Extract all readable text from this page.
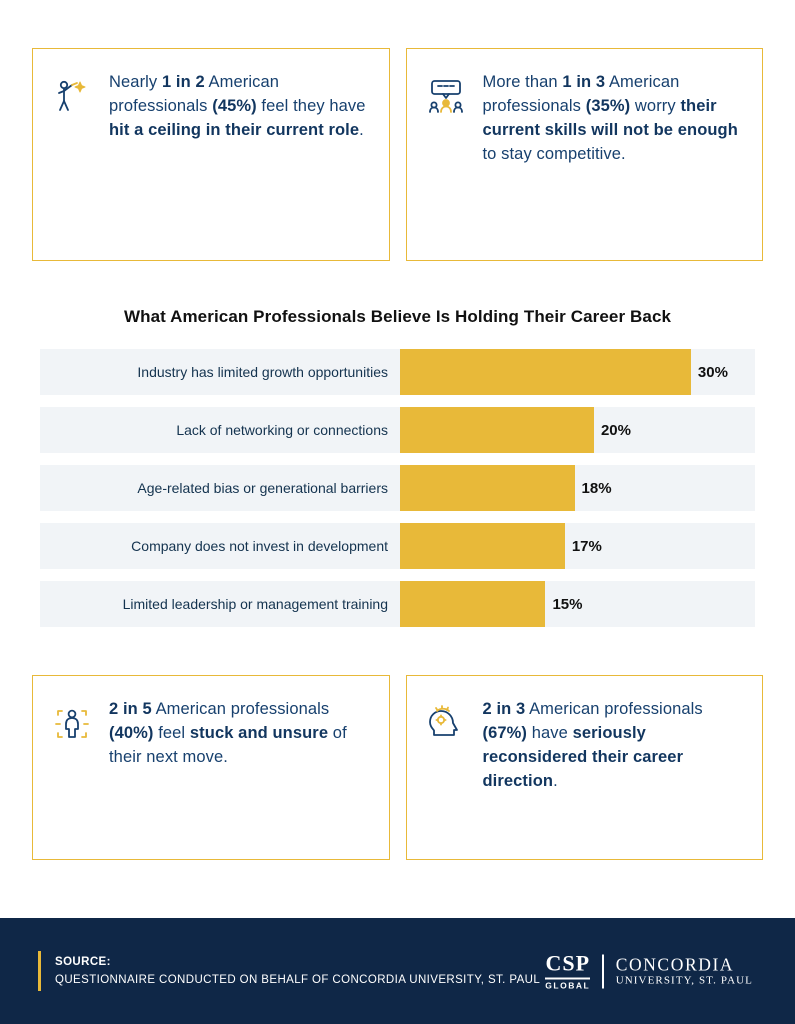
Nearly 1 in 2 American professionals (45%) feel they have hit a ceiling in their current role.
More than 1 in 3 American professionals (35%) worry their current skills will not be enough to stay competitive.
What American Professionals Believe Is Holding Their Career Back
Industry has limited growth opportunities	30%
Lack of networking or connections	20%
Age-related bias or generational barriers	18%
Company does not invest in development	17%
Limited leadership or management training	15%
2 in 5 American professionals (40%) feel stuck and unsure of their next move.
2 in 3 American professionals (67%) have seriously reconsidered their career direction.
SOURCE:
QUESTIONNAIRE CONDUCTED ON BEHALF OF CONCORDIA UNIVERSITY, ST. PAUL
CSP
GLOBAL
CONCORDIA
UNIVERSITY, ST. PAUL
